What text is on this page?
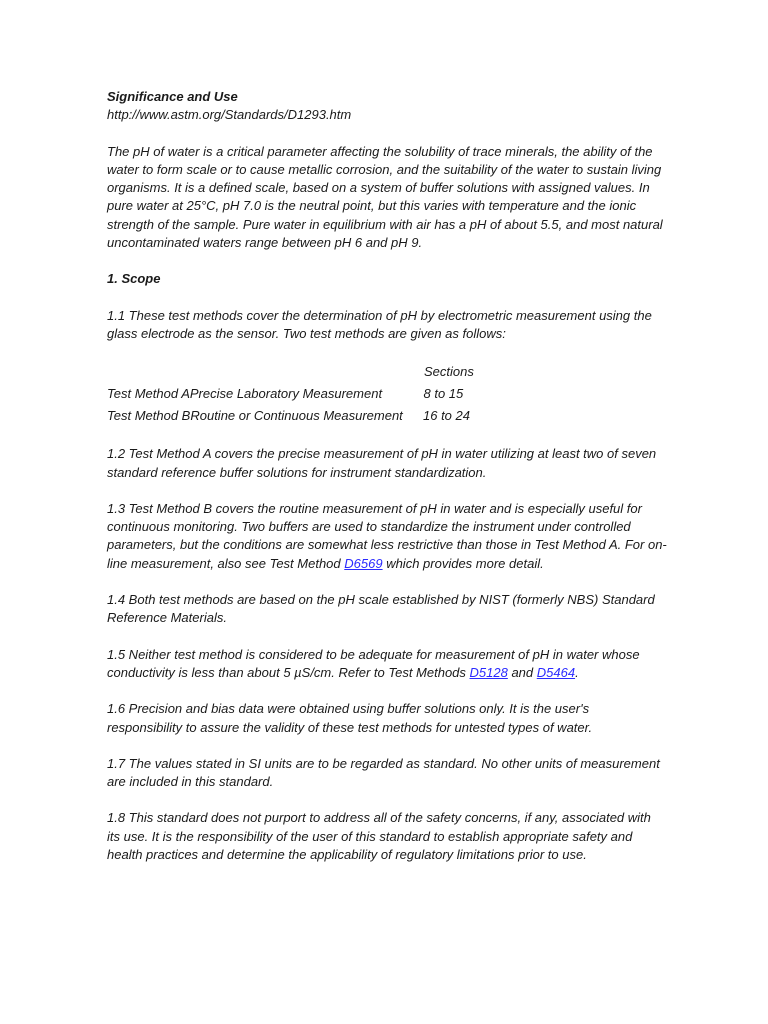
Significance and Use

http://www.astm.org/Standards/D1293.htm

The pH of water is a critical parameter affecting the solubility of trace minerals, the ability of the water to form scale or to cause metallic corrosion, and the suitability of the water to sustain living organisms. It is a defined scale, based on a system of buffer solutions with assigned values. In pure water at 25°C, pH 7.0 is the neutral point, but this varies with temperature and the ionic strength of the sample. Pure water in equilibrium with air has a pH of about 5.5, and most natural uncontaminated waters range between pH 6 and pH 9.

1. Scope

1.1 These test methods cover the determination of pH by electrometric measurement using the glass electrode as the sensor. Two test methods are given as follows:

Sections
Test Method APrecise Laboratory Measurement	8 to 15
Test Method BRoutine or Continuous Measurement	16 to 24

1.2 Test Method A covers the precise measurement of pH in water utilizing at least two of seven standard reference buffer solutions for instrument standardization.

1.3 Test Method B covers the routine measurement of pH in water and is especially useful for continuous monitoring. Two buffers are used to standardize the instrument under controlled parameters, but the conditions are somewhat less restrictive than those in Test Method A. For on-line measurement, also see Test Method D6569 which provides more detail.

1.4 Both test methods are based on the pH scale established by NIST (formerly NBS) Standard Reference Materials.

1.5 Neither test method is considered to be adequate for measurement of pH in water whose conductivity is less than about 5 µS/cm. Refer to Test Methods D5128 and D5464.

1.6 Precision and bias data were obtained using buffer solutions only. It is the user's responsibility to assure the validity of these test methods for untested types of water.

1.7 The values stated in SI units are to be regarded as standard. No other units of measurement are included in this standard.

1.8 This standard does not purport to address all of the safety concerns, if any, associated with its use. It is the responsibility of the user of this standard to establish appropriate safety and health practices and determine the applicability of regulatory limitations prior to use.
